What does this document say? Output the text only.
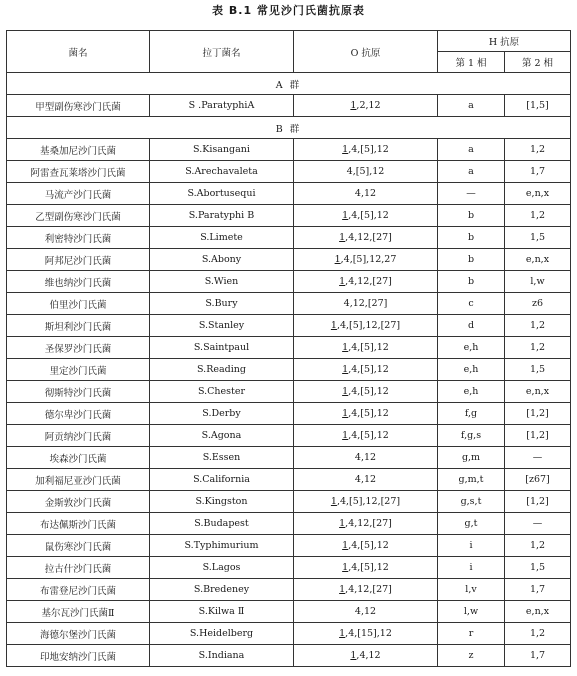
表 B.1 常见沙门氏菌抗原表
菌名	拉丁菌名	O 抗原	H 抗原	
			第 1 相	第 2 相
A 群				
甲型副伤寒沙门氏菌	S .ParatyphiA	1,2,12	a	[1,5]
B 群				
基桑加尼沙门氏菌	S.Kisangani	1,4,[5],12	a	1,2
阿雷查瓦莱塔沙门氏菌	S.Arechavaleta	4,[5],12	a	1,7
马流产沙门氏菌	S.Abortusequi	4,12	—	e,n,x
乙型副伤寒沙门氏菌	S.Paratyphi B	1,4,[5],12	b	1,2
利密特沙门氏菌	S.Limete	1,4,12,[27]	b	1,5
阿邦尼沙门氏菌	S.Abony	1,4,[5],12,27	b	e,n,x
维也纳沙门氏菌	S.Wien	1,4,12,[27]	b	l,w
伯里沙门氏菌	S.Bury	4,12,[27]	c	z6
斯坦利沙门氏菌	S.Stanley	1,4,[5],12,[27]	d	1,2
圣保罗沙门氏菌	S.Saintpaul	1,4,[5],12	e,h	1,2
里定沙门氏菌	S.Reading	1,4,[5],12	e,h	1,5
彻斯特沙门氏菌	S.Chester	1,4,[5],12	e,h	e,n,x
德尔卑沙门氏菌	S.Derby	1,4,[5],12	f,g	[1,2]
阿贡纳沙门氏菌	S.Agona	1,4,[5],12	f,g,s	[1,2]
埃森沙门氏菌	S.Essen	4,12	g,m	—
加利福尼亚沙门氏菌	S.California	4,12	g,m,t	[z67]
金斯敦沙门氏菌	S.Kingston	1,4,[5],12,[27]	g,s,t	[1,2]
布达佩斯沙门氏菌	S.Budapest	1,4,12,[27]	g,t	—
鼠伤寒沙门氏菌	S.Typhimurium	1,4,[5],12	i	1,2
拉古什沙门氏菌	S.Lagos	1,4,[5],12	i	1,5
布雷登尼沙门氏菌	S.Bredeney	1,4,12,[27]	l,v	1,7
基尔瓦沙门氏菌Ⅱ	S.Kilwa Ⅱ	4,12	l,w	e,n,x
海德尔堡沙门氏菌	S.Heidelberg	1,4,[15],12	r	1,2
印地安纳沙门氏菌	S.Indiana	1,4,12	z	1,7
